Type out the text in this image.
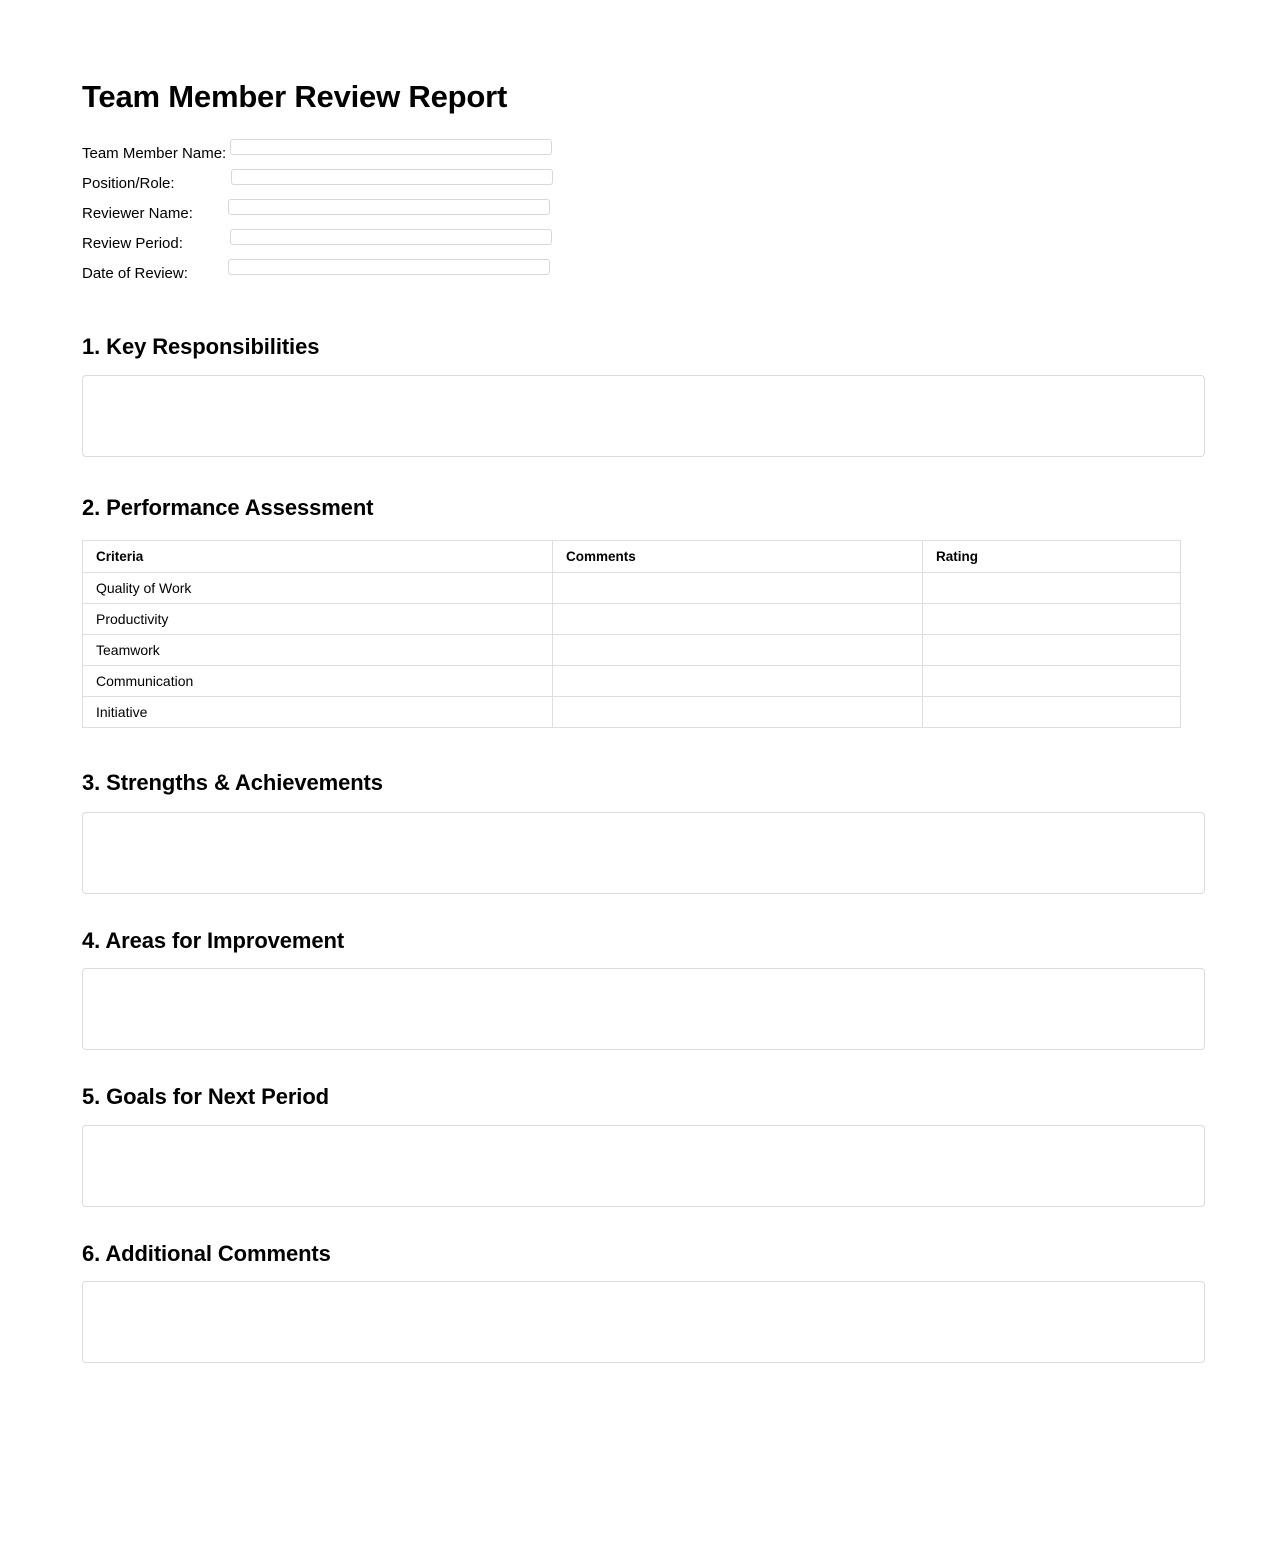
Team Member Review Report
Team Member Name:
Position/Role:
Reviewer Name:
Review Period:
Date of Review:
1. Key Responsibilities
2. Performance Assessment
Criteria	Comments	Rating
Quality of Work		
Productivity		
Teamwork		
Communication		
Initiative		
3. Strengths & Achievements
4. Areas for Improvement
5. Goals for Next Period
6. Additional Comments
